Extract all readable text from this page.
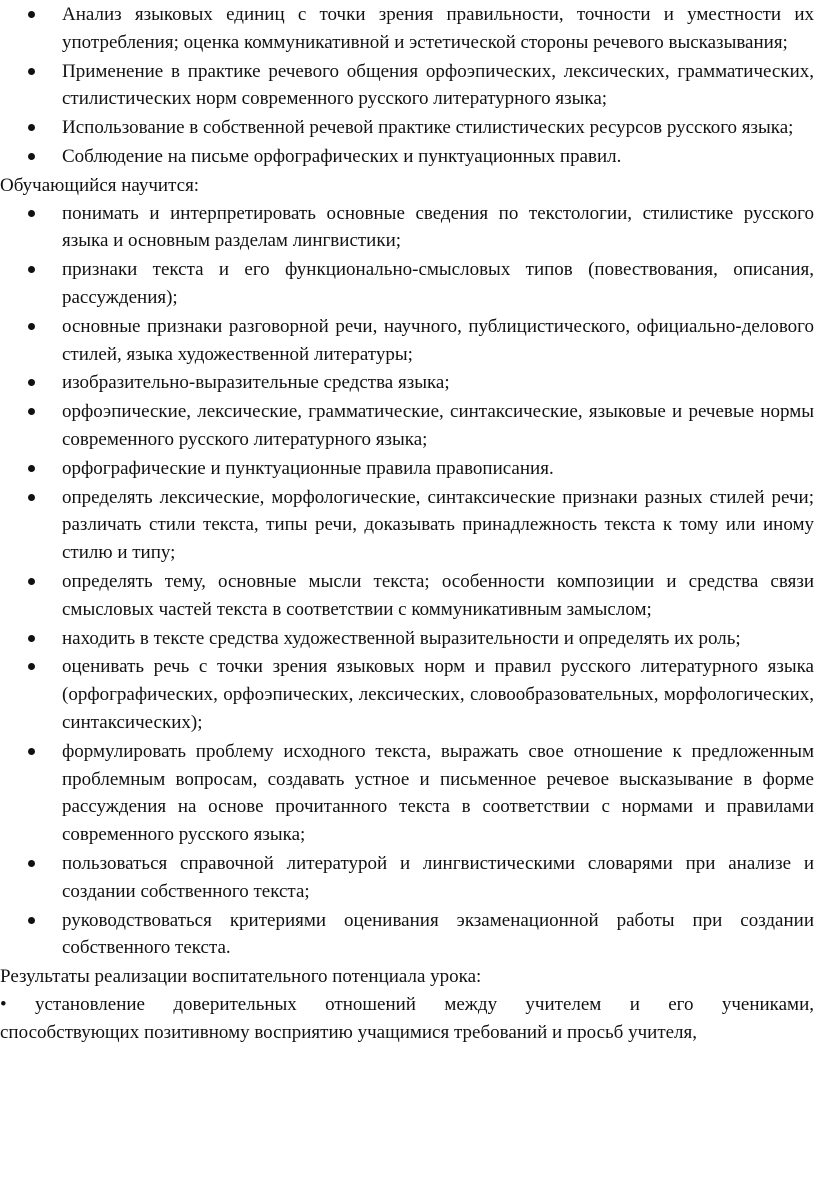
Анализ языковых единиц с точки зрения правильности, точности и уместности их употребления; оценка коммуникативной и эстетической стороны речевого высказывания;
Применение в практике речевого общения орфоэпических, лексических, грамматических, стилистических норм современного русского литературного языка;
Использование в собственной речевой практике стилистических ресурсов русского языка;
Соблюдение на письме орфографических и пунктуационных правил.

Обучающийся научится:

понимать и интерпретировать основные сведения по текстологии, стилистике русского языка и основным разделам лингвистики;
признаки текста и его функционально-смысловых типов (повествования, описания, рассуждения);
основные признаки разговорной речи, научного, публицистического, официально-делового стилей, языка художественной литературы;
изобразительно-выразительные средства языка;
орфоэпические, лексические, грамматические, синтаксические, языковые и речевые нормы современного русского литературного языка;
орфографические и пунктуационные правила правописания.
определять лексические, морфологические, синтаксические признаки разных стилей речи; различать стили текста, типы речи, доказывать принадлежность текста к тому или иному стилю и типу;
определять тему, основные мысли текста; особенности композиции и средства связи смысловых частей текста в соответствии с коммуникативным замыслом;
находить в тексте средства художественной выразительности и определять их роль;
оценивать речь с точки зрения языковых норм и правил русского литературного языка (орфографических, орфоэпических, лексических, словообразовательных, морфологических, синтаксических);
формулировать проблему исходного текста, выражать свое отношение к предложенным проблемным вопросам, создавать устное и письменное речевое высказывание в форме рассуждения на основе прочитанного текста в соответствии с нормами и правилами современного русского языка;
пользоваться справочной литературой и лингвистическими словарями при анализе и создании собственного текста;
руководствоваться критериями оценивания экзаменационной работы при создании собственного текста.

Результаты реализации воспитательного потенциала урока:

• установление доверительных отношений между учителем и его учениками,
способствующих позитивному восприятию учащимися требований и просьб учителя,
